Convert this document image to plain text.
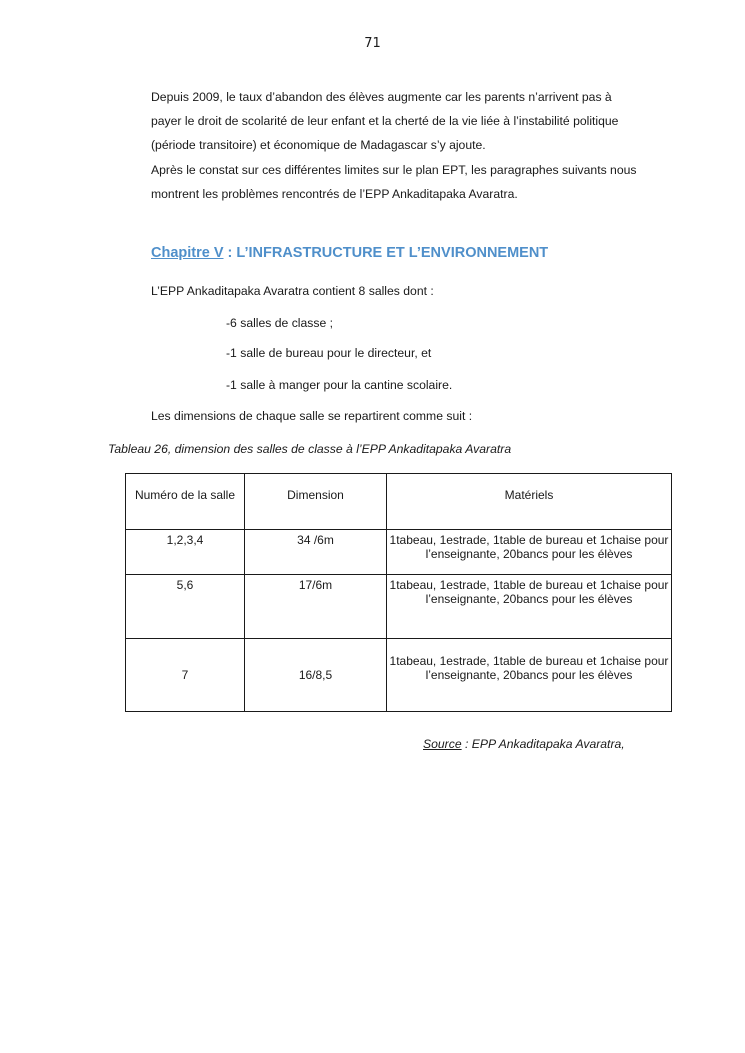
71

Depuis 2009, le taux d’abandon des élèves augmente car les parents n’arrivent pas à payer le droit de scolarité de leur enfant et la cherté de la vie liée à l’instabilité politique (période transitoire) et économique de Madagascar s’y ajoute.

Après le constat sur ces différentes limites sur le plan EPT, les paragraphes suivants nous montrent les problèmes rencontrés de l’EPP Ankaditapaka Avaratra.

Chapitre V : L’INFRASTRUCTURE ET L’ENVIRONNEMENT

L’EPP Ankaditapaka Avaratra contient 8 salles dont :

-6 salles de classe ;

-1 salle de bureau pour le directeur, et

-1 salle à manger pour la cantine scolaire.

Les dimensions de chaque salle se repartirent comme suit :

Tableau 26, dimension des salles de classe à l’EPP Ankaditapaka Avaratra

Numéro de la salle	Dimension	Matériels
1,2,3,4	34 /6m	1tabeau, 1estrade, 1table de bureau et 1chaise pour l’enseignante, 20bancs pour les élèves
5,6	17/6m	1tabeau, 1estrade, 1table de bureau et 1chaise pour l’enseignante, 20bancs pour les élèves
7	16/8,5	1tabeau, 1estrade, 1table de bureau et 1chaise pour l’enseignante, 20bancs pour les élèves

Source : EPP Ankaditapaka Avaratra,
